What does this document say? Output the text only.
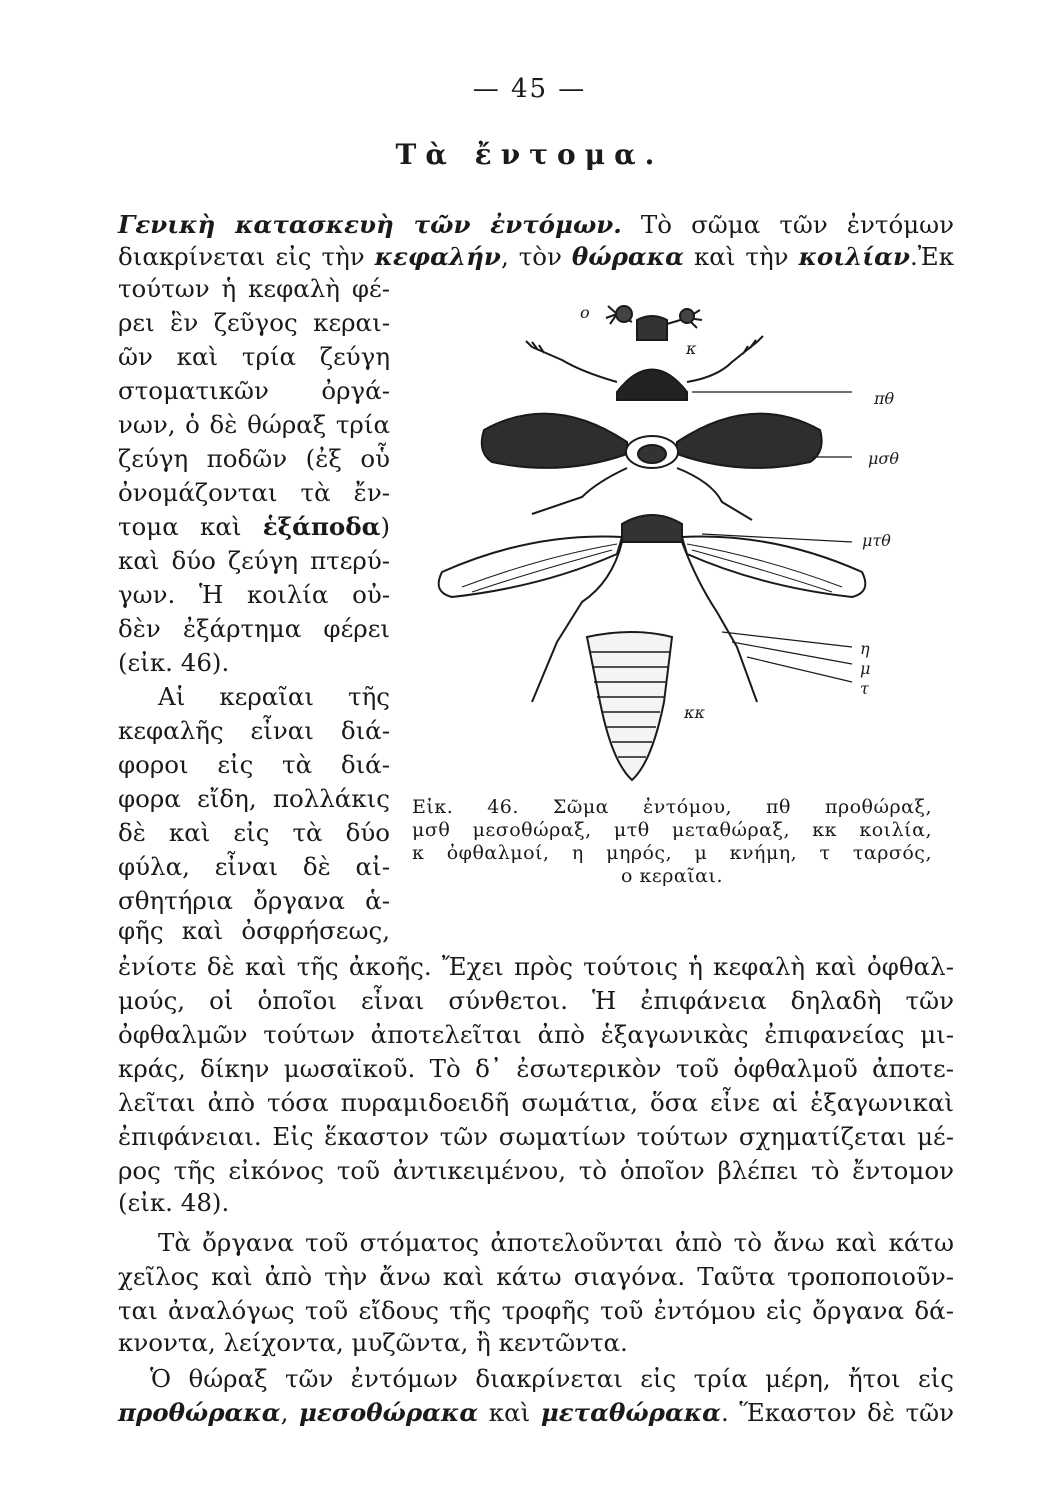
— 45 —
Τὰ ἔντομα.
Γενικὴ κατασκευὴ τῶν ἐντόμων. Τὸ σῶμα τῶν ἐντόμων
διακρίνεται εἰς τὴν κεφαλήν, τὸν θώρακα καὶ τὴν κοιλίαν.Ἐκ
τούτων ἡ κεφαλὴ φέ-
ρει ἓν ζεῦγος κεραι-
ῶν καὶ τρία ζεύγη
στοματικῶν ὀργά-
νων, ὁ δὲ θώραξ τρία
ζεύγη ποδῶν (ἐξ οὗ
ὀνομάζονται τὰ ἔν-
τομα καὶ ἑξάποδα)
καὶ δύο ζεύγη πτερύ-
γων. Ἡ κοιλία οὐ-
δὲν ἐξάρτημα φέρει
(εἰκ. 46).
Αἱ κεραῖαι τῆς
κεφαλῆς εἶναι διά-
φοροι εἰς τὰ διά-
φορα εἴδη, πολλάκις
δὲ καὶ εἰς τὰ δύο
φύλα, εἶναι δὲ αἰ-
σθητήρια ὄργανα ἁ-
φῆς καὶ ὀσφρήσεως,
ο
κ
πθ
μσθ
μτθ
η
μ
τ
κκ
Εἰκ. 46. Σῶμα ἐντόμου, πθ προθώραξ,
μσθ μεσοθώραξ, μτθ μεταθώραξ, κκ κοιλία,
κ ὀφθαλμοί, η μηρός, μ κνήμη, τ ταρσός,
ο κεραῖαι.
ἐνίοτε δὲ καὶ τῆς ἀκοῆς. Ἔχει πρὸς τούτοις ἡ κεφαλὴ καὶ ὀφθαλ-
μούς, οἱ ὁποῖοι εἶναι σύνθετοι. Ἡ ἐπιφάνεια δηλαδὴ τῶν
ὀφθαλμῶν τούτων ἀποτελεῖται ἀπὸ ἑξαγωνικὰς ἐπιφανείας μι-
κράς, δίκην μωσαϊκοῦ. Τὸ δ᾽ ἐσωτερικὸν τοῦ ὀφθαλμοῦ ἀποτε-
λεῖται ἀπὸ τόσα πυραμιδοειδῆ σωμάτια, ὅσα εἶνε αἱ ἑξαγωνικαὶ
ἐπιφάνειαι. Εἰς ἕκαστον τῶν σωματίων τούτων σχηματίζεται μέ-
ρος τῆς εἰκόνος τοῦ ἀντικειμένου, τὸ ὁποῖον βλέπει τὸ ἔντομον
(εἰκ. 48).
Τὰ ὄργανα τοῦ στόματος ἀποτελοῦνται ἀπὸ τὸ ἄνω καὶ κάτω
χεῖλος καὶ ἀπὸ τὴν ἄνω καὶ κάτω σιαγόνα. Ταῦτα τροποποιοῦν-
ται ἀναλόγως τοῦ εἴδους τῆς τροφῆς τοῦ ἐντόμου εἰς ὄργανα δά-
κνοντα, λείχοντα, μυζῶντα, ἢ κεντῶντα.
Ὁ θώραξ τῶν ἐντόμων διακρίνεται εἰς τρία μέρη, ἤτοι εἰς
προθώρακα, μεσοθώρακα καὶ μεταθώρακα. Ἕκαστον δὲ τῶν
